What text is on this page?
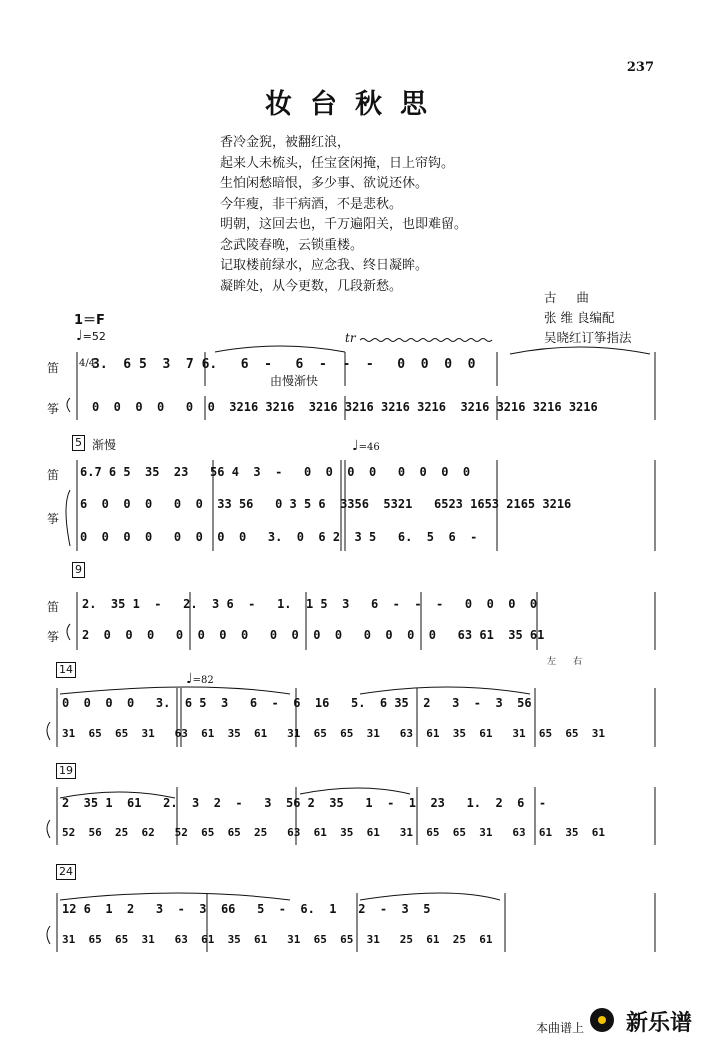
237
妆台秋思
香冷金猊，被翻红浪，
起来人未梳头，任宝奁闲掩，日上帘钩。
生怕闲愁暗恨，多少事、欲说还休。
今年瘦，非干病酒，不是悲秋。
明朝，这回去也，千万遍阳关，也即难留。
念武陵春晚，云锁重楼。
记取楼前绿水，应念我、终日凝眸。
凝眸处，从今更数，几段新愁。
古     曲
张 维 良编配
吴晓红订筝指法
1＝F
♩=52	tr
由慢渐快
笛
筝
4/4
3.  6 5  3  7 6.   6  -   6  -  -  -   0  0  0  0
0  0  0  0   0  0  3216 3216  3216 3216 3216 3216  3216 3216 3216 3216
5 渐慢	♩=46
笛
筝
6.7 6 5  35  23   56 4  3  -   0  0  0  0   0  0  0  0
6  0  0  0   0  0  33 56   0 3 5 6  3356  5321   6523 1653 2165 3216
0  0  0  0   0  0  0  0   3.  0  6 2  3 5   6.  5  6  -
9
笛
筝
2.  35 1  -   2.  3 6  -   1.  1 5  3   6  -  -  -   0  0  0  0
2  0  0  0   0  0  0  0   0  0  0  0   0  0  0  0   63 61  35 61
左 右
14
♩=82
0  0  0  0   3.  6 5  3   6  -  6  16   5.  6 35  2   3  -  3  56
31  65  65  31   63  61  35  61   31  65  65  31   63  61  35  61   31  65  65  31
19
2  35 1  61   2.  3  2  -   3  56 2  35   1  -  1  23   1.  2  6  -
52  56  25  62   52  65  65  25   63  61  35  61   31  65  65  31   63  61  35  61
24
12 6  1  2   3  -  3  66   5  -  6.  1   2  -  3  5
31  65  65  31   63  61  35  61   31  65  65  31   25  61  25  61
本曲谱上 新乐谱
